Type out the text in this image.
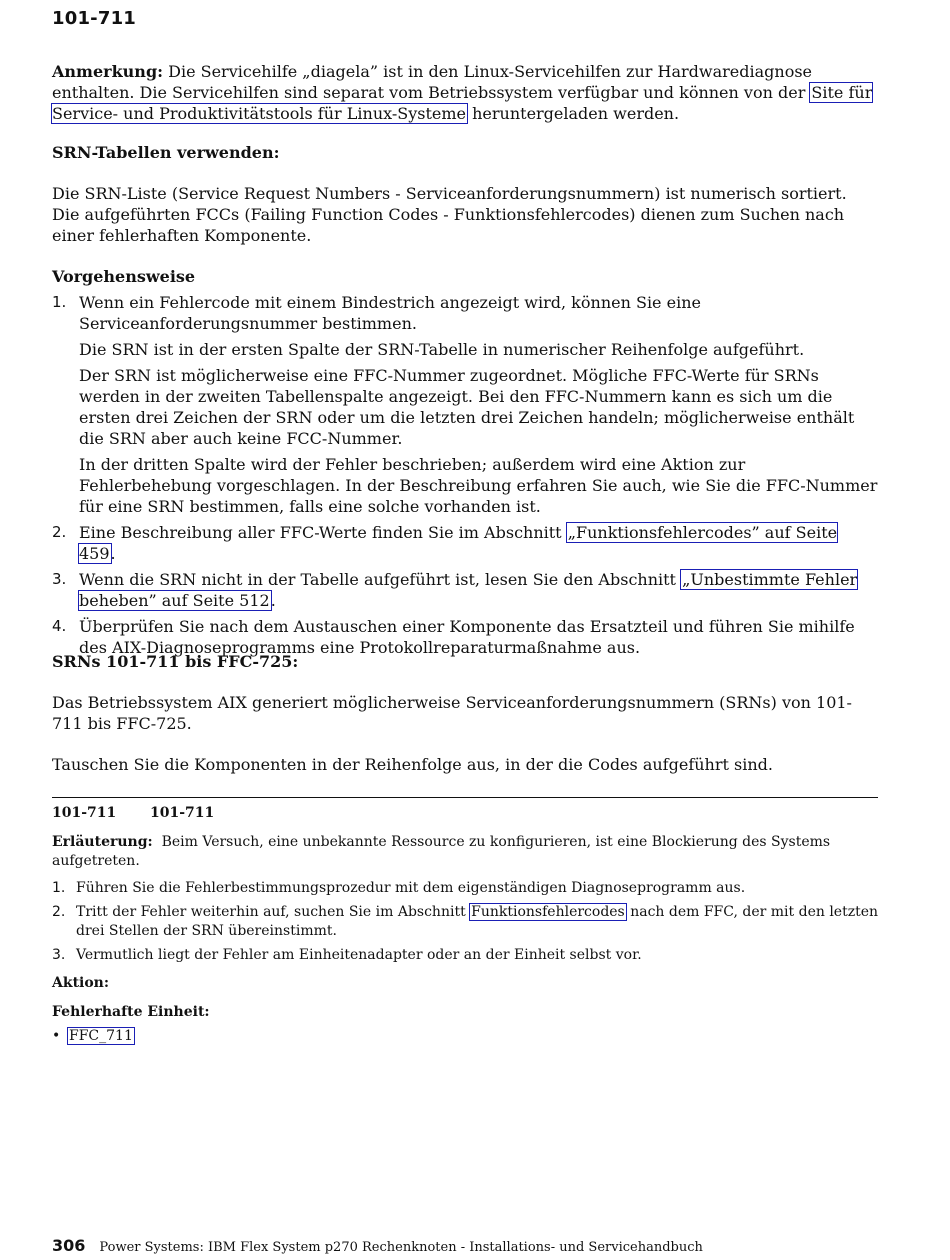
101-711

Anmerkung: Die Servicehilfe „diagela” ist in den Linux-Servicehilfen zur Hardwarediagnose enthalten. Die Servicehilfen sind separat vom Betriebssystem verfügbar und können von der Site für Service- und Produktivitätstools für Linux-Systeme heruntergeladen werden.

SRN-Tabellen verwenden:

Die SRN-Liste (Service Request Numbers - Serviceanforderungsnummern) ist numerisch sortiert. Die aufgeführten FCCs (Failing Function Codes - Funktionsfehlercodes) dienen zum Suchen nach einer fehlerhaften Komponente.

Vorgehensweise

1. Wenn ein Fehlercode mit einem Bindestrich angezeigt wird, können Sie eine Serviceanforderungsnummer bestimmen.

Die SRN ist in der ersten Spalte der SRN-Tabelle in numerischer Reihenfolge aufgeführt.

Der SRN ist möglicherweise eine FFC-Nummer zugeordnet. Mögliche FFC-Werte für SRNs werden in der zweiten Tabellenspalte angezeigt. Bei den FFC-Nummern kann es sich um die ersten drei Zeichen der SRN oder um die letzten drei Zeichen handeln; möglicherweise enthält die SRN aber auch keine FCC-Nummer.

In der dritten Spalte wird der Fehler beschrieben; außerdem wird eine Aktion zur Fehlerbehebung vorgeschlagen. In der Beschreibung erfahren Sie auch, wie Sie die FFC-Nummer für eine SRN bestimmen, falls eine solche vorhanden ist.

2. Eine Beschreibung aller FFC-Werte finden Sie im Abschnitt „Funktionsfehlercodes” auf Seite 459.
3. Wenn die SRN nicht in der Tabelle aufgeführt ist, lesen Sie den Abschnitt „Unbestimmte Fehler beheben” auf Seite 512.
4. Überprüfen Sie nach dem Austauschen einer Komponente das Ersatzteil und führen Sie mihilfe des AIX-Diagnoseprogramms eine Protokollreparaturmaßnahme aus.

SRNs 101-711 bis FFC-725:

Das Betriebssystem AIX generiert möglicherweise Serviceanforderungsnummern (SRNs) von 101-711 bis FFC-725.

Tauschen Sie die Komponenten in der Reihenfolge aus, in der die Codes aufgeführt sind.

101-711 101-711

Erläuterung: Beim Versuch, eine unbekannte Ressource zu konfigurieren, ist eine Blockierung des Systems aufgetreten.

1. Führen Sie die Fehlerbestimmungsprozedur mit dem eigenständigen Diagnoseprogramm aus.
2. Tritt der Fehler weiterhin auf, suchen Sie im Abschnitt Funktionsfehlercodes nach dem FFC, der mit den letzten drei Stellen der SRN übereinstimmt.
3. Vermutlich liegt der Fehler am Einheitenadapter oder an der Einheit selbst vor.

Aktion:

Fehlerhafte Einheit:

• FFC_711
306 Power Systems: IBM Flex System p270 Rechenknoten - Installations- und Servicehandbuch
